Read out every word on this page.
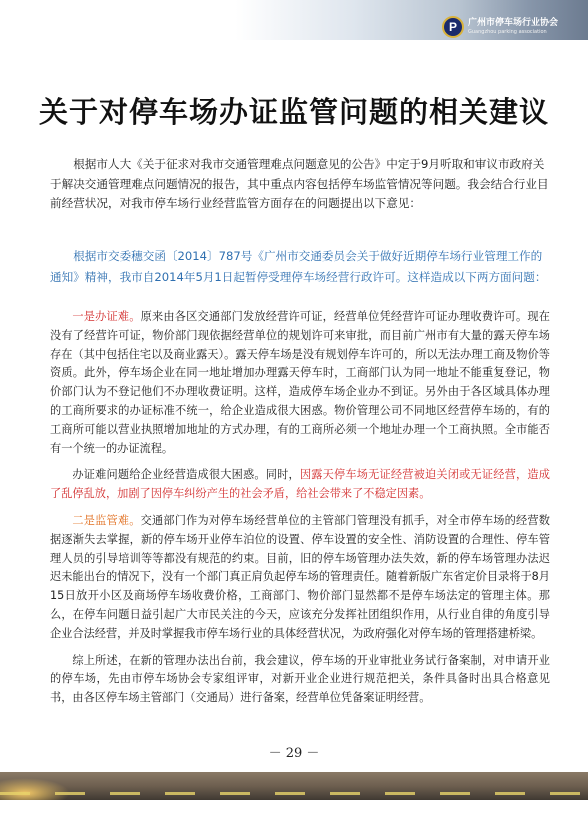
P 广州市停车场行业协会
Guangzhou parking association
关于对停车场办证监管问题的相关建议

根据市人大《关于征求对我市交通管理难点问题意见的公告》中定于9月听取和审议市政府关于解决交通管理难点问题情况的报告，其中重点内容包括停车场监管情况等问题。我会结合行业目前经营状况，对我市停车场行业经营监管方面存在的问题提出以下意见：

根据市交委穗交函〔2014〕787号《广州市交通委员会关于做好近期停车场行业管理工作的通知》精神，我市自2014年5月1日起暂停受理停车场经营行政许可。这样造成以下两方面问题：

一是办证难。原来由各区交通部门发放经营许可证，经营单位凭经营许可证办理收费许可。现在没有了经营许可证，物价部门现依据经营单位的规划许可来审批，而目前广州市有大量的露天停车场存在（其中包括住宅以及商业露天）。露天停车场是没有规划停车许可的，所以无法办理工商及物价等资质。此外，停车场企业在同一地址增加办理露天停车时，工商部门认为同一地址不能重复登记，物价部门认为不登记他们不办理收费证明。这样，造成停车场企业办不到证。另外由于各区域具体办理的工商所要求的办证标准不统一，给企业造成很大困惑。物价管理公司不同地区经营停车场的，有的工商所可能以营业执照增加地址的方式办理，有的工商所必须一个地址办理一个工商执照。全市能否有一个统一的办证流程。

办证难问题给企业经营造成很大困惑。同时，因露天停车场无证经营被迫关闭或无证经营，造成了乱停乱放，加剧了因停车纠纷产生的社会矛盾，给社会带来了不稳定因素。

二是监管难。交通部门作为对停车场经营单位的主管部门管理没有抓手，对全市停车场的经营数据逐渐失去掌握，新的停车场开业停车泊位的设置、停车设置的安全性、消防设置的合理性、停车管理人员的引导培训等等都没有规范的约束。目前，旧的停车场管理办法失效，新的停车场管理办法迟迟未能出台的情况下，没有一个部门真正肩负起停车场的管理责任。随着新版广东省定价目录将于8月15日放开小区及商场停车场收费价格，工商部门、物价部门显然都不是停车场法定的管理主体。那么，在停车问题日益引起广大市民关注的今天，应该充分发挥社团组织作用，从行业自律的角度引导企业合法经营，并及时掌握我市停车场行业的具体经营状况，为政府强化对停车场的管理搭建桥梁。

综上所述，在新的管理办法出台前，我会建议，停车场的开业审批业务试行备案制，对申请开业的停车场，先由市停车场协会专家组评审，对新开业企业进行规范把关，条件具备时出具合格意见书，由各区停车场主管部门（交通局）进行备案，经营单位凭备案证明经营。

－ 29 －
